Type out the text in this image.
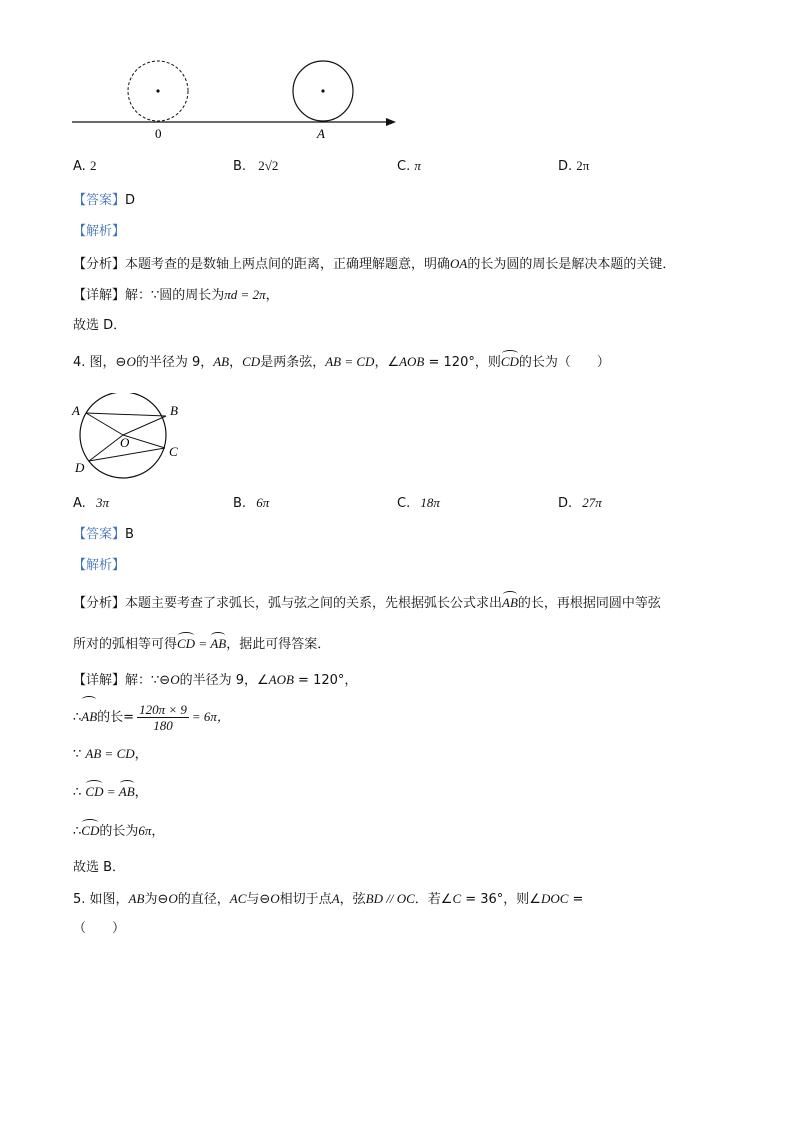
0	A
A. 2	B. 2√2	C. π	D. 2π
【答案】D
【解析】
【分析】本题考查的是数轴上两点间的距离，正确理解题意，明确OA的长为圆的周长是解决本题的关键．
【详解】解：∵圆的周长为πd = 2π，
故选 D．
4. 图，⊖O的半径为 9，AB，CD是两条弦，AB = CD，∠AOB = 120°，则CD的长为（　　）
A	B
O
C
D
A. 3π	B. 6π	C. 18π	D. 27π
【答案】B
【解析】
【分析】本题主要考查了求弧长，弧与弦之间的关系，先根据弧长公式求出AB的长，再根据同圆中等弦
所对的弧相等可得CD = AB，据此可得答案．
【详解】解：∵⊖O的半径为 9，∠AOB = 120°，
∴AB的长= $\frac{120\pi \times 9}{180} = 6\pi$，
∵ AB = CD，
∴ CD = AB，
∴CD的长为6π，
故选 B．
5. 如图，AB为⊖O的直径，AC与⊖O相切于点A，弦BD // OC．若∠C = 36°，则∠DOC =
（　　）
